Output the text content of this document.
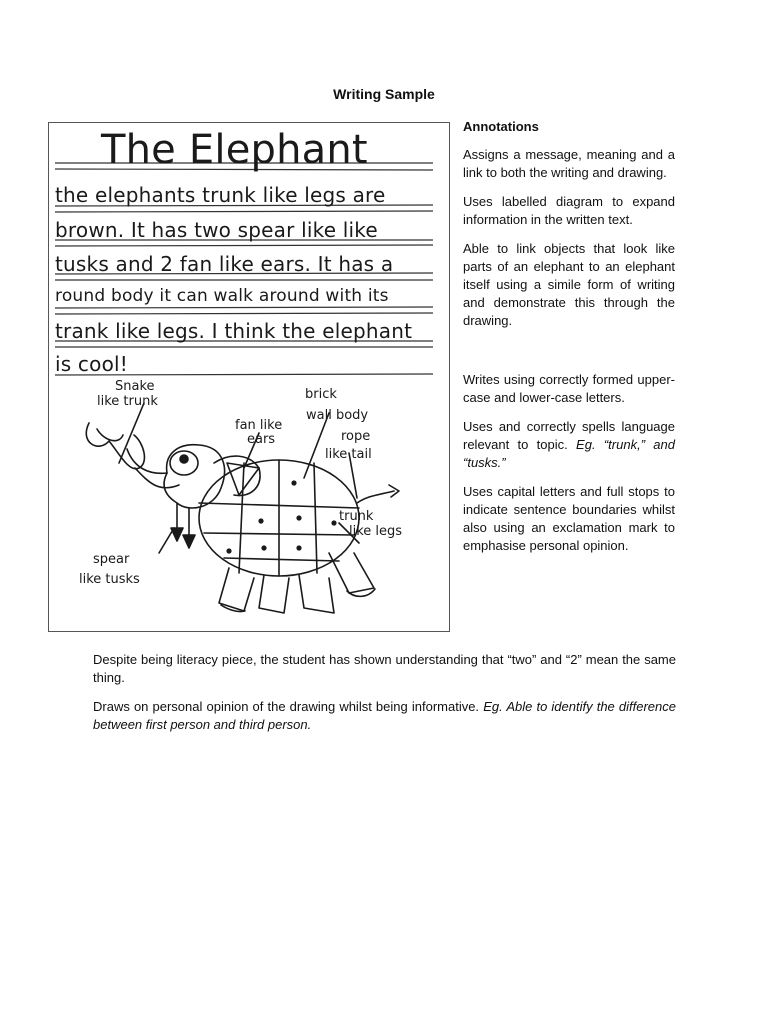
Writing Sample
The Elephant
the elephants trunk like legs are
brown. It has two spear like like
tusks and 2 fan like ears. It has a
round body it can walk around with its
trank like legs. I think the elephant
is cool!
Snake
like trunk
fan like
ears
brick
wall body
rope
like tail
trunk
like legs
spear
like tusks
Annotations

Assigns a message, meaning and a link to both the writing and drawing.

Uses labelled diagram to expand information in the written text.

Able to link objects that look like parts of an elephant to an elephant itself using a simile form of writing and demonstrate this through the drawing.

Writes using correctly formed upper-case and lower-case letters.

Uses and correctly spells language relevant to topic. Eg. “trunk,” and “tusks.”

Uses capital letters and full stops to indicate sentence boundaries whilst also using an exclamation mark to emphasise personal opinion.

Despite being literacy piece, the student has shown understanding that “two” and “2” mean the same thing.

Draws on personal opinion of the drawing whilst being informative. Eg. Able to identify the difference between first person and third person.
